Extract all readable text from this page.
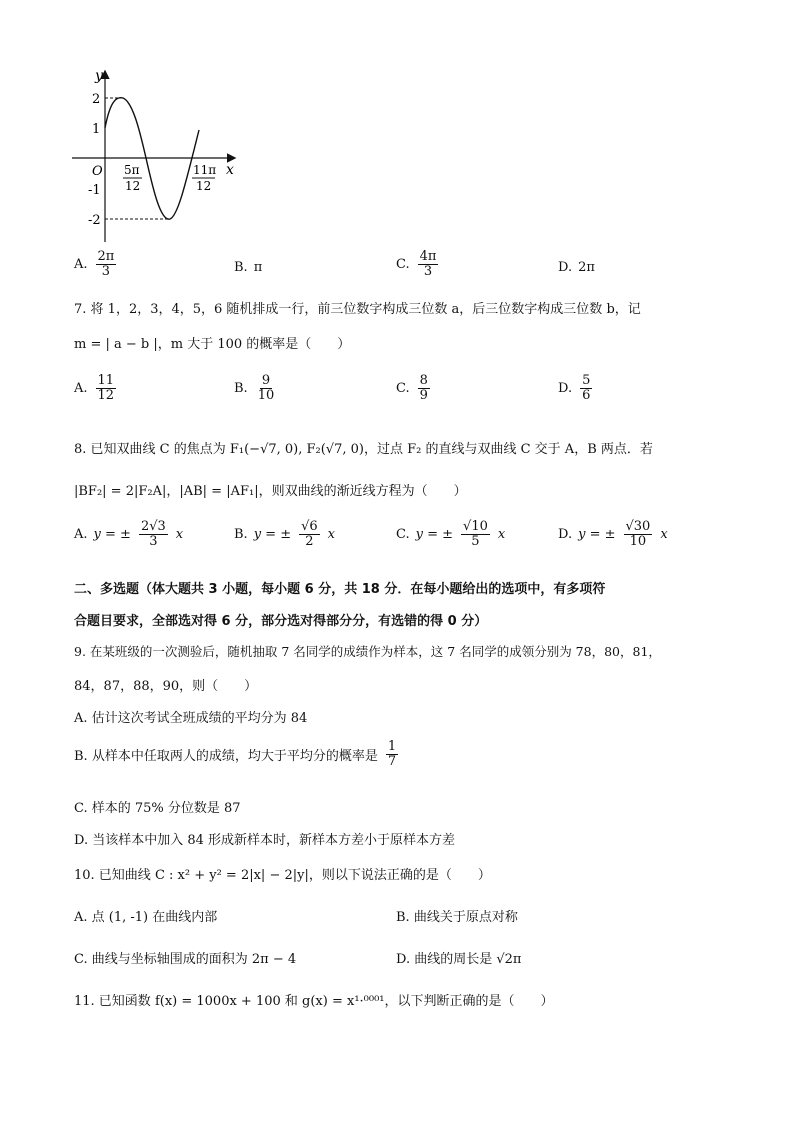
y
x
O
2
1
-1
-2
5π
12
11π
12
A. $\frac{2\pi}{3}$	B. π	C. $\frac{4\pi}{3}$	D. 2π
7. 将 1，2，3，4，5，6 随机排成一行，前三位数字构成三位数 a，后三位数字构成三位数 b，记
m = | a − b |，m 大于 100 的概率是（　　）
A. $\frac{11}{12}$	B. $\frac{9}{10}$	C. $\frac{8}{9}$	D. $\frac{5}{6}$
8. 已知双曲线 C 的焦点为 F₁(−√7, 0), F₂(√7, 0)，过点 F₂ 的直线与双曲线 C 交于 A，B 两点．若
|BF₂| = 2|F₂A|，|AB| = |AF₁|，则双曲线的渐近线方程为（　　）
A. y = ± $\frac{2√3}{3}$ x	B. y = ± $\frac{√6}{2}$ x	C. y = ± $\frac{√10}{5}$ x	D. y = ± $\frac{√30}{10}$ x
二、多选题（体大题共 3 小题，每小题 6 分，共 18 分．在每小题给出的选项中，有多项符
合题目要求，全部选对得 6 分，部分选对得部分分，有选错的得 0 分）
9. 在某班级的一次测验后，随机抽取 7 名同学的成绩作为样本，这 7 名同学的成领分别为 78，80，81，
84，87，88，90，则（　　）
A. 估计这次考试全班成绩的平均分为 84
B. 从样本中任取两人的成绩，均大于平均分的概率是 $\frac{1}{7}$
C. 样本的 75% 分位数是 87
D. 当该样本中加入 84 形成新样本时，新样本方差小于原样本方差
10. 已知曲线 C : x² + y² = 2|x| − 2|y|，则以下说法正确的是（　　）
A. 点 (1, -1) 在曲线内部	B. 曲线关于原点对称
C. 曲线与坐标轴围成的面积为 2π − 4	D. 曲线的周长是 √2π
11. 已知函数 f(x) = 1000x + 100 和 g(x) = x¹·⁰⁰⁰¹，以下判断正确的是（　　）
